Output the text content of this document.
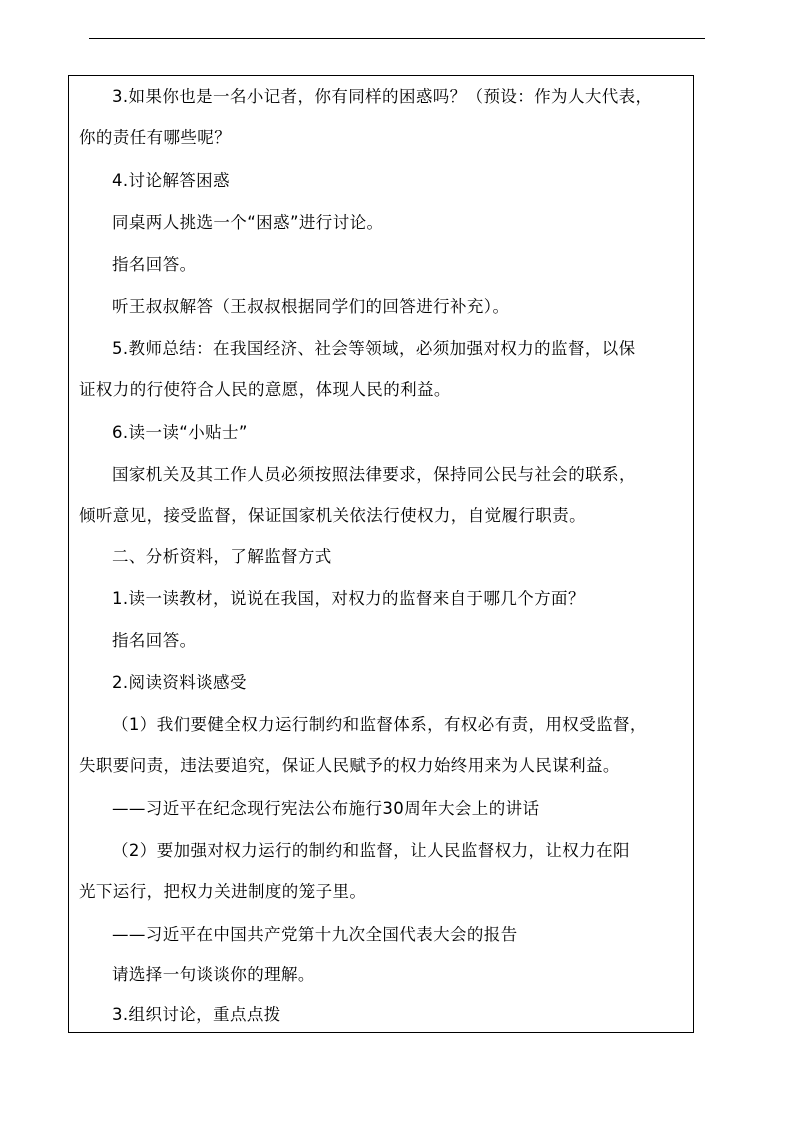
3.如果你也是一名小记者，你有同样的困惑吗？（预设：作为人大代表，
你的责任有哪些呢？

4.讨论解答困惑

同桌两人挑选一个“困惑”进行讨论。

指名回答。

听王叔叔解答（王叔叔根据同学们的回答进行补充）。

5.教师总结：在我国经济、社会等领域，必须加强对权力的监督，以保
证权力的行使符合人民的意愿，体现人民的利益。

6.读一读“小贴士”

国家机关及其工作人员必须按照法律要求，保持同公民与社会的联系，
倾听意见，接受监督，保证国家机关依法行使权力，自觉履行职责。

二、分析资料，了解监督方式

1.读一读教材，说说在我国，对权力的监督来自于哪几个方面？

指名回答。

2.阅读资料谈感受

（1）我们要健全权力运行制约和监督体系，有权必有责，用权受监督，
失职要问责，违法要追究，保证人民赋予的权力始终用来为人民谋利益。

——习近平在纪念现行宪法公布施行30周年大会上的讲话

（2）要加强对权力运行的制约和监督，让人民监督权力，让权力在阳
光下运行，把权力关进制度的笼子里。

——习近平在中国共产党第十九次全国代表大会的报告

请选择一句谈谈你的理解。

3.组织讨论，重点点拨
